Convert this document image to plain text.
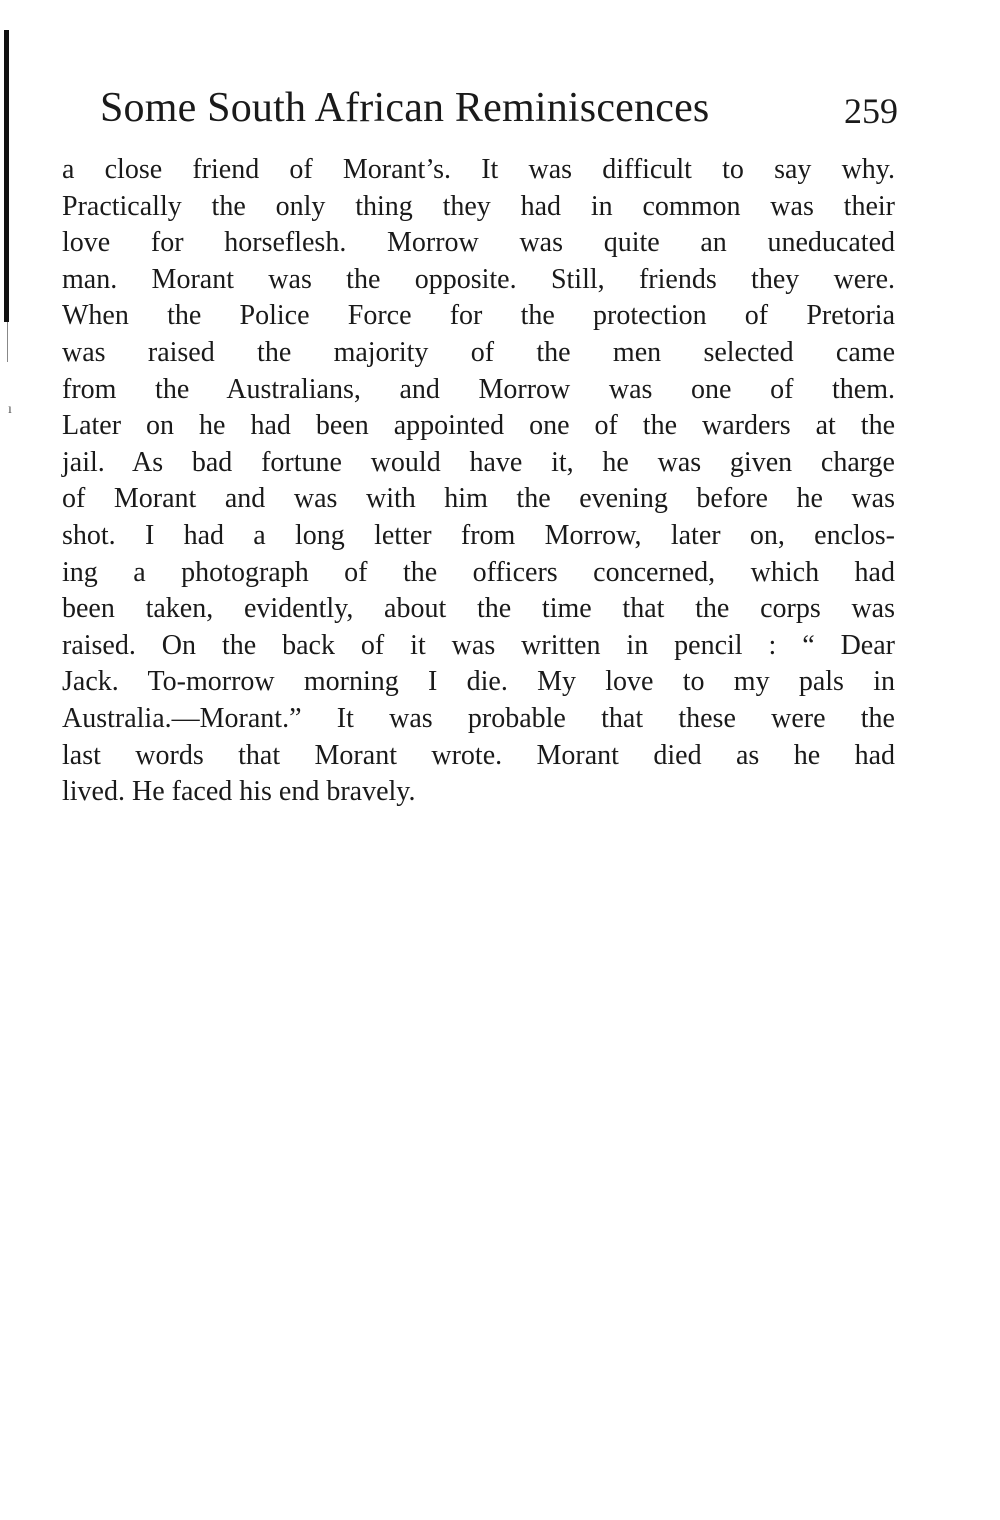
ı
Some South African Reminiscences	259

a close friend of Morant’s. It was difficult to say why.
Practically the only thing they had in common was their
love for horseflesh. Morrow was quite an uneducated
man. Morant was the opposite. Still, friends they were.
When the Police Force for the protection of Pretoria
was raised the majority of the men selected came
from the Australians, and Morrow was one of them.
Later on he had been appointed one of the warders at the
jail. As bad fortune would have it, he was given charge
of Morant and was with him the evening before he was
shot. I had a long letter from Morrow, later on, enclos-
ing a photograph of the officers concerned, which had
been taken, evidently, about the time that the corps was
raised. On the back of it was written in pencil : “ Dear
Jack. To-morrow morning I die. My love to my pals in
Australia.—Morant.” It was probable that these were the
last words that Morant wrote. Morant died as he had
lived. He faced his end bravely.
